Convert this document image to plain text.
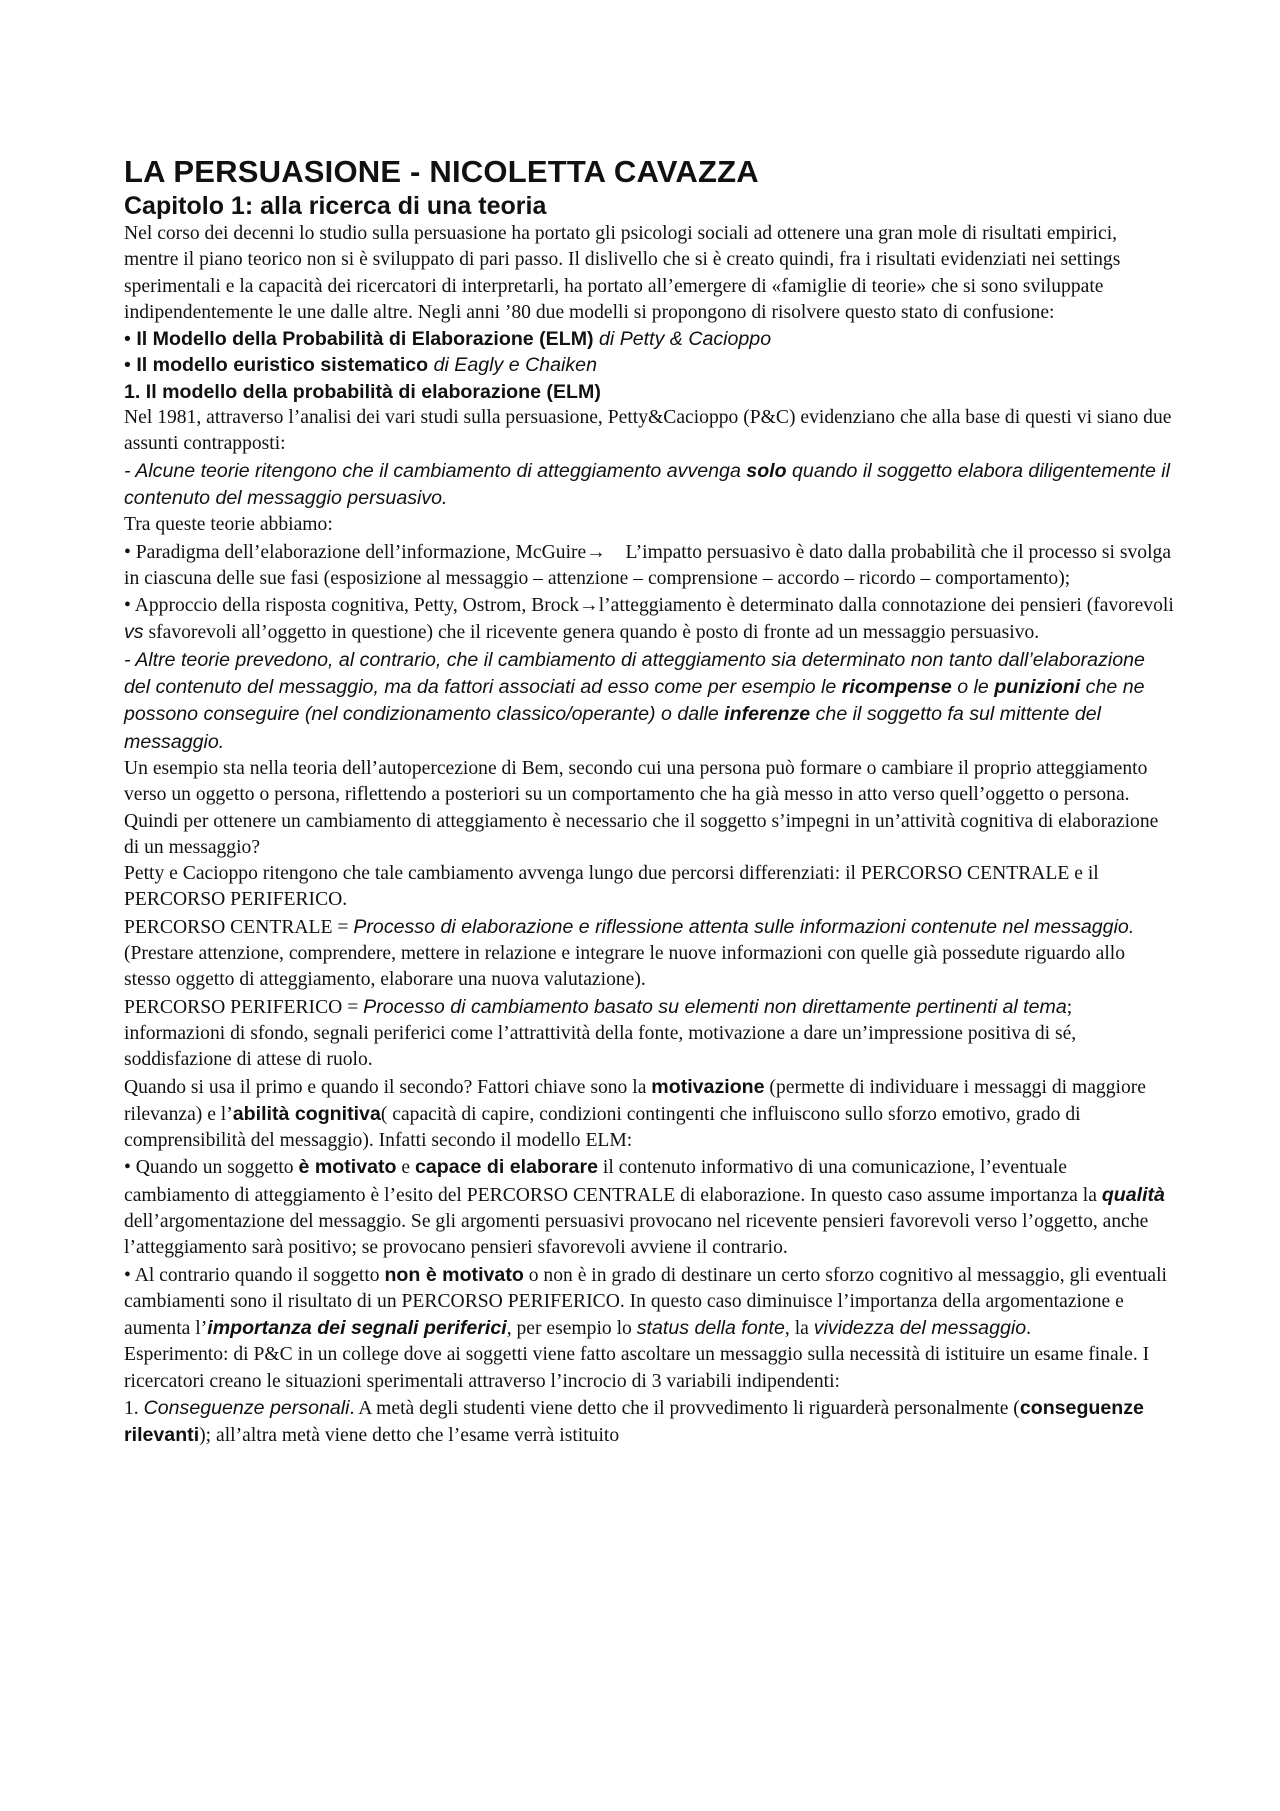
LA PERSUASIONE - NICOLETTA CAVAZZA
Capitolo 1: alla ricerca di una teoria

Nel corso dei decenni lo studio sulla persuasione ha portato gli psicologi sociali ad ottenere una gran mole di risultati empirici, mentre il piano teorico non si è sviluppato di pari passo. Il dislivello che si è creato quindi, fra i risultati evidenziati nei settings sperimentali e la capacità dei ricercatori di interpretarli, ha portato all’emergere di «famiglie di teorie» che si sono sviluppate indipendentemente le une dalle altre. Negli anni ’80 due modelli si propongono di risolvere questo stato di confusione:

• Il Modello della Probabilità di Elaborazione (ELM) di Petty & Cacioppo
• Il modello euristico sistematico di Eagly e Chaiken
1. Il modello della probabilità di elaborazione (ELM)

Nel 1981, attraverso l’analisi dei vari studi sulla persuasione, Petty&Cacioppo (P&C) evidenziano che alla base di questi vi siano due assunti contrapposti:

- Alcune teorie ritengono che il cambiamento di atteggiamento avvenga solo quando il soggetto elabora diligentemente il contenuto del messaggio persuasivo.

Tra queste teorie abbiamo:

• Paradigma dell’elaborazione dell’informazione, McGuire→ L’impatto persuasivo è dato dalla probabilità che il processo si svolga in ciascuna delle sue fasi (esposizione al messaggio – attenzione – comprensione – accordo – ricordo – comportamento);

• Approccio della risposta cognitiva, Petty, Ostrom, Brock→l’atteggiamento è determinato dalla connotazione dei pensieri (favorevoli vs sfavorevoli all’oggetto in questione) che il ricevente genera quando è posto di fronte ad un messaggio persuasivo.

- Altre teorie prevedono, al contrario, che il cambiamento di atteggiamento sia determinato non tanto dall’elaborazione del contenuto del messaggio, ma da fattori associati ad esso come per esempio le ricompense o le punizioni che ne possono conseguire (nel condizionamento classico/operante) o dalle inferenze che il soggetto fa sul mittente del messaggio.

Un esempio sta nella teoria dell’autopercezione di Bem, secondo cui una persona può formare o cambiare il proprio atteggiamento verso un oggetto o persona, riflettendo a posteriori su un comportamento che ha già messo in atto verso quell’oggetto o persona.

Quindi per ottenere un cambiamento di atteggiamento è necessario che il soggetto s’impegni in un’attività cognitiva di elaborazione di un messaggio?

Petty e Cacioppo ritengono che tale cambiamento avvenga lungo due percorsi differenziati: il PERCORSO CENTRALE e il PERCORSO PERIFERICO.

PERCORSO CENTRALE = Processo di elaborazione e riflessione attenta sulle informazioni contenute nel messaggio. (Prestare attenzione, comprendere, mettere in relazione e integrare le nuove informazioni con quelle già possedute riguardo allo stesso oggetto di atteggiamento, elaborare una nuova valutazione).

PERCORSO PERIFERICO = Processo di cambiamento basato su elementi non direttamente pertinenti al tema; informazioni di sfondo, segnali periferici come l’attrattività della fonte, motivazione a dare un’impressione positiva di sé, soddisfazione di attese di ruolo.

Quando si usa il primo e quando il secondo? Fattori chiave sono la motivazione (permette di individuare i messaggi di maggiore rilevanza) e l’abilità cognitiva( capacità di capire, condizioni contingenti che influiscono sullo sforzo emotivo, grado di comprensibilità del messaggio). Infatti secondo il modello ELM:

• Quando un soggetto è motivato e capace di elaborare il contenuto informativo di una comunicazione, l’eventuale cambiamento di atteggiamento è l’esito del PERCORSO CENTRALE di elaborazione. In questo caso assume importanza la qualità dell’argomentazione del messaggio. Se gli argomenti persuasivi provocano nel ricevente pensieri favorevoli verso l’oggetto, anche l’atteggiamento sarà positivo; se provocano pensieri sfavorevoli avviene il contrario.

• Al contrario quando il soggetto non è motivato o non è in grado di destinare un certo sforzo cognitivo al messaggio, gli eventuali cambiamenti sono il risultato di un PERCORSO PERIFERICO. In questo caso diminuisce l’importanza della argomentazione e aumenta l’importanza dei segnali periferici, per esempio lo status della fonte, la vividezza del messaggio.

Esperimento: di P&C in un college dove ai soggetti viene fatto ascoltare un messaggio sulla necessità di istituire un esame finale. I ricercatori creano le situazioni sperimentali attraverso l’incrocio di 3 variabili indipendenti:

1. Conseguenze personali. A metà degli studenti viene detto che il provvedimento li riguarderà personalmente (conseguenze rilevanti); all’altra metà viene detto che l’esame verrà istituito
